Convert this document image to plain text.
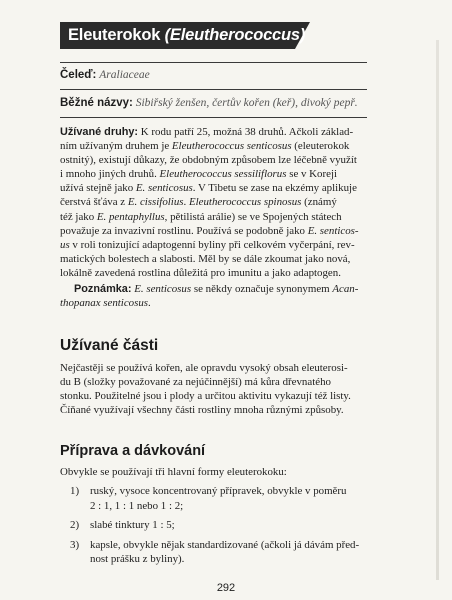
Eleuterokok (Eleutherococcus)
Čeleď: Araliaceae
Běžné názvy: Sibiřský ženšen, čertův kořen (keř), divoký pepř.
Užívané druhy: K rodu patří 25, možná 38 druhů. Ačkoli základ-
ním užívaným druhem je Eleutherococcus senticosus (eleuterokok
ostnitý), existují důkazy, že obdobným způsobem lze léčebně využít
i mnoho jiných druhů. Eleutherococcus sessiliflorus se v Koreji
užívá stejně jako E. senticosus. V Tibetu se zase na ekzémy aplikuje
čerstvá šťáva z E. cissifolius. Eleutherococcus spinosus (známý
též jako E. pentaphyllus, pětilistá arálie) se ve Spojených státech
považuje za invazivní rostlinu. Používá se podobně jako E. senticos-
us v roli tonizující adaptogenní byliny při celkovém vyčerpání, rev-
matických bolestech a slabosti. Měl by se dále zkoumat jako nová,
lokálně zavedená rostlina důležitá pro imunitu a jako adaptogen.
Poznámka: E. senticosus se někdy označuje synonymem Acan-
thopanax senticosus.
Užívané části
Nejčastěji se používá kořen, ale opravdu vysoký obsah eleuterosi-
du B (složky považované za nejúčinnější) má kůra dřevnatého
stonku. Použitelné jsou i plody a určitou aktivitu vykazují též listy.
Číňané využívají všechny části rostliny mnoha různými způsoby.
Příprava a dávkování
Obvykle se používají tři hlavní formy eleuterokoku:
1)	ruský, vysoce koncentrovaný přípravek, obvykle v poměru
2 : 1, 1 : 1 nebo 1 : 2;
2)	slabé tinktury 1 : 5;
3)	kapsle, obvykle nějak standardizované (ačkoli já dávám před-
nost prášku z byliny).
292
